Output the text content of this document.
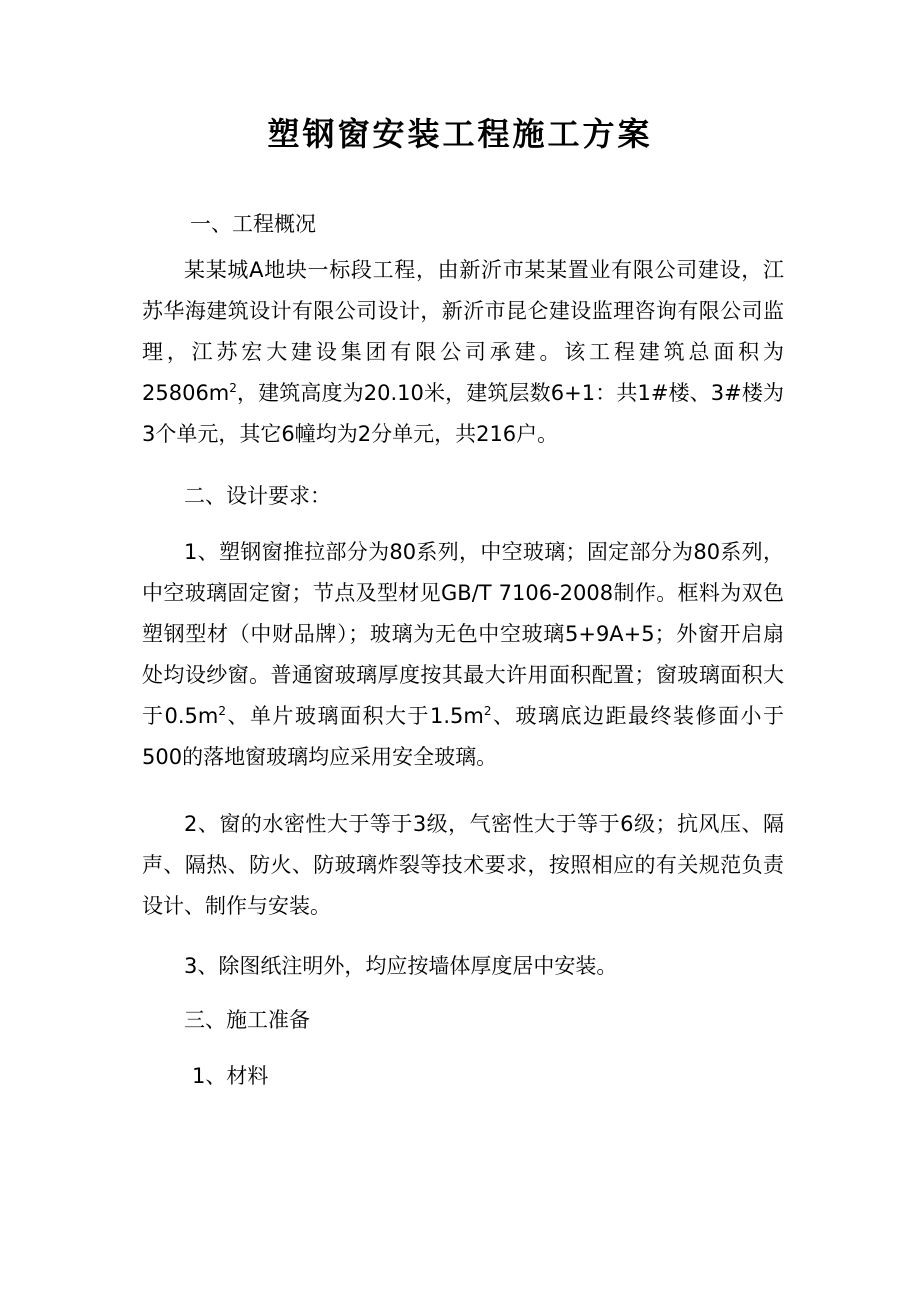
塑钢窗安装工程施工方案

一、工程概况

某某城A地块一标段工程，由新沂市某某置业有限公司建设，江苏华海建筑设计有限公司设计，新沂市昆仑建设监理咨询有限公司监理，江苏宏大建设集团有限公司承建。该工程建筑总面积为$25806m^2$，建筑高度为20.10米，建筑层数6+1：共1#楼、3#楼为3个单元，其它6幢均为2分单元，共216户。

二、设计要求：

1、塑钢窗推拉部分为80系列，中空玻璃；固定部分为80系列，中空玻璃固定窗；节点及型材见GB/T 7106-2008制作。框料为双色塑钢型材（中财品牌）；玻璃为无色中空玻璃5+9A+5；外窗开启扇处均设纱窗。普通窗玻璃厚度按其最大许用面积配置；窗玻璃面积大于$0.5m^2$、单片玻璃面积大于$1.5m^2$、玻璃底边距最终装修面小于500的落地窗玻璃均应采用安全玻璃。

2、窗的水密性大于等于3级，气密性大于等于6级；抗风压、隔声、隔热、防火、防玻璃炸裂等技术要求，按照相应的有关规范负责设计、制作与安装。

3、除图纸注明外，均应按墙体厚度居中安装。

三、施工准备

1、材料
